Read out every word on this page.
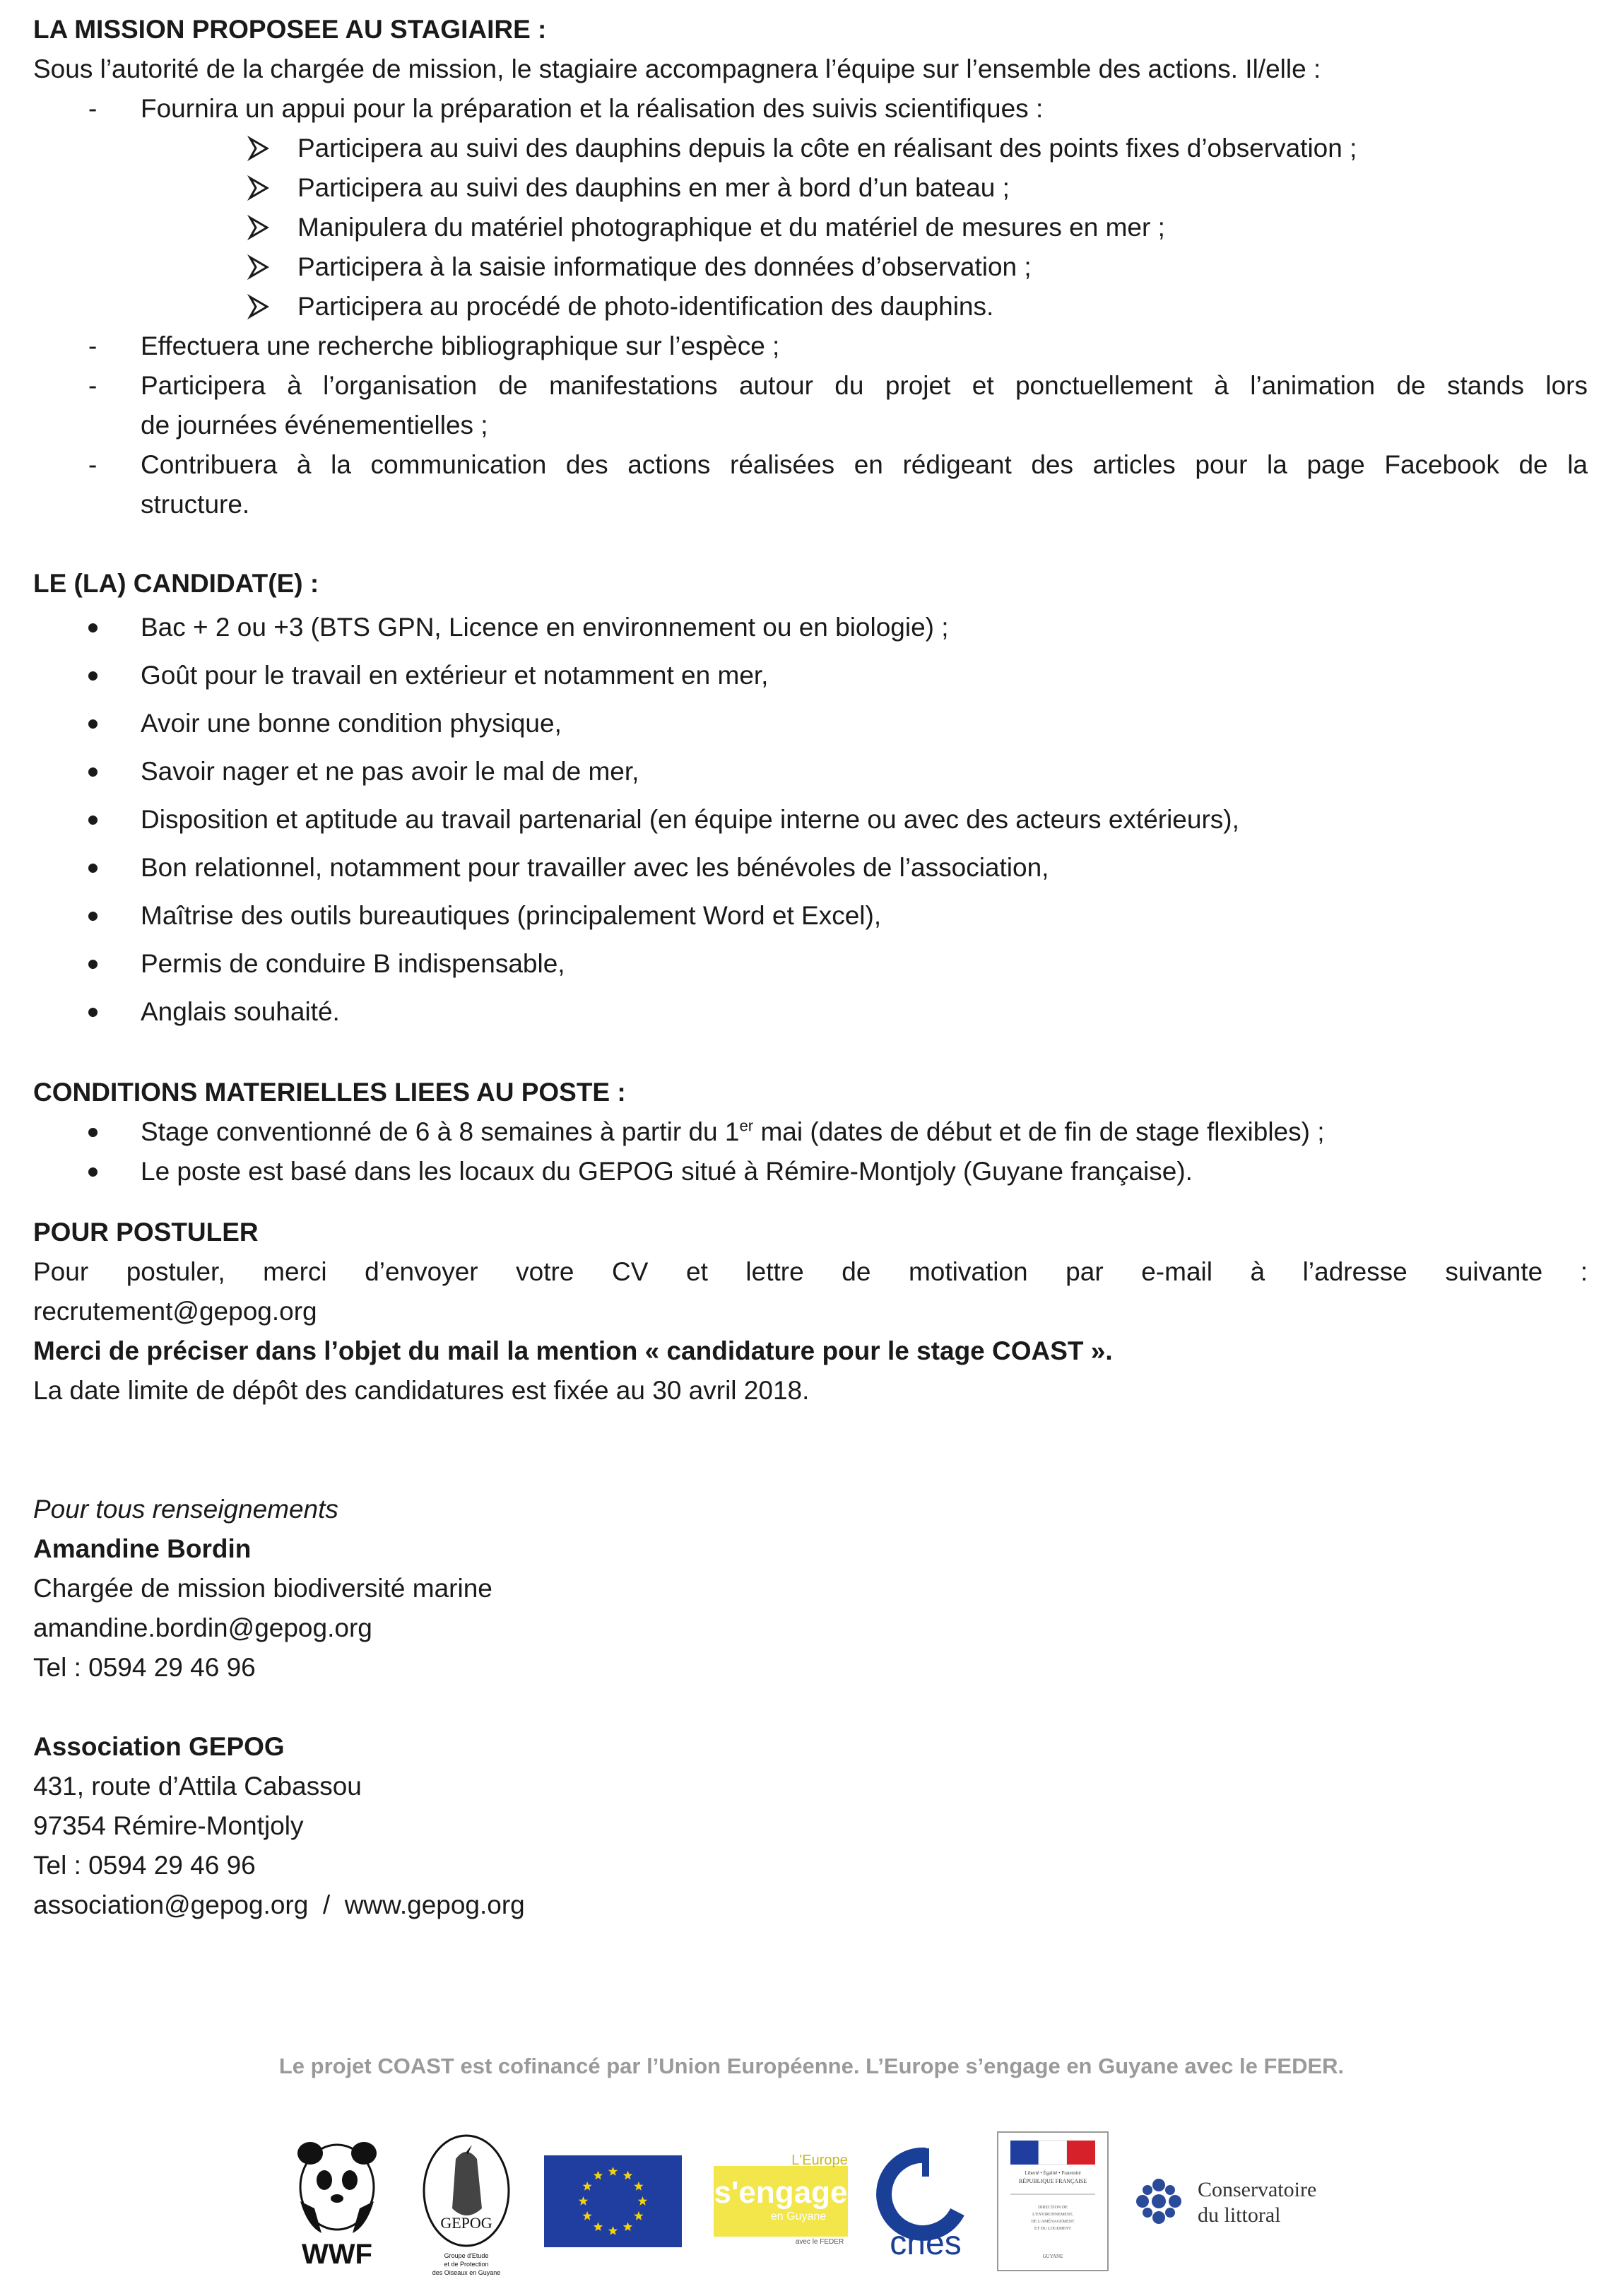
LA MISSION PROPOSEE AU STAGIAIRE :
Sous l’autorité de la chargée de mission, le stagiaire accompagnera l’équipe sur l’ensemble des actions. Il/elle :
- Fournira un appui pour la préparation et la réalisation des suivis scientifiques :
Participera au suivi des dauphins depuis la côte en réalisant des points fixes d’observation ;
Participera au suivi des dauphins en mer à bord d’un bateau ;
Manipulera du matériel photographique et du matériel de mesures en mer ;
Participera à la saisie informatique des données d’observation ;
Participera au procédé de photo-identification des dauphins.
- Effectuera une recherche bibliographique sur l’espèce ;
- Participera à l’organisation de manifestations autour du projet et ponctuellement à l’animation de stands lors
de journées événementielles ;
- Contribuera à la communication des actions réalisées en rédigeant des articles pour la page Facebook de la
structure.
LE (LA) CANDIDAT(E) :
Bac + 2 ou +3 (BTS GPN, Licence en environnement ou en biologie) ;
Goût pour le travail en extérieur et notamment en mer,
Avoir une bonne condition physique,
Savoir nager et ne pas avoir le mal de mer,
Disposition et aptitude au travail partenarial (en équipe interne ou avec des acteurs extérieurs),
Bon relationnel, notamment pour travailler avec les bénévoles de l’association,
Maîtrise des outils bureautiques (principalement Word et Excel),
Permis de conduire B indispensable,
Anglais souhaité.
CONDITIONS MATERIELLES LIEES AU POSTE :
Stage conventionné de 6 à 8 semaines à partir du 1er mai (dates de début et de fin de stage flexibles) ;
Le poste est basé dans les locaux du GEPOG situé à Rémire-Montjoly (Guyane française).
POUR POSTULER
Pour postuler, merci d’envoyer votre CV et lettre de motivation par e-mail à l’adresse suivante :
recrutement@gepog.org
Merci de préciser dans l’objet du mail la mention « candidature pour le stage COAST ».
La date limite de dépôt des candidatures est fixée au 30 avril 2018.
Pour tous renseignements
Amandine Bordin
Chargée de mission biodiversité marine
amandine.bordin@gepog.org
Tel : 0594 29 46 96
Association GEPOG
431, route d’Attila Cabassou
97354 Rémire-Montjoly
Tel : 0594 29 46 96
association@gepog.org  /  www.gepog.org
Le projet COAST est cofinancé par l’Union Européenne. L’Europe s’engage en Guyane avec le FEDER.
WWF
GEPOG
Groupe d'Etude
et de Protection
des Oiseaux en Guyane
L'Europe
s'engage
en Guyane
avec le FEDER cnes
Liberté • Égalité • Fraternité
RÉPUBLIQUE FRANÇAISE
DIRECTION DE
L'ENVIRONNEMENT,
DE L'AMÉNAGEMENT
ET DU LOGEMENT
GUYANE
Conservatoire
du littoral
